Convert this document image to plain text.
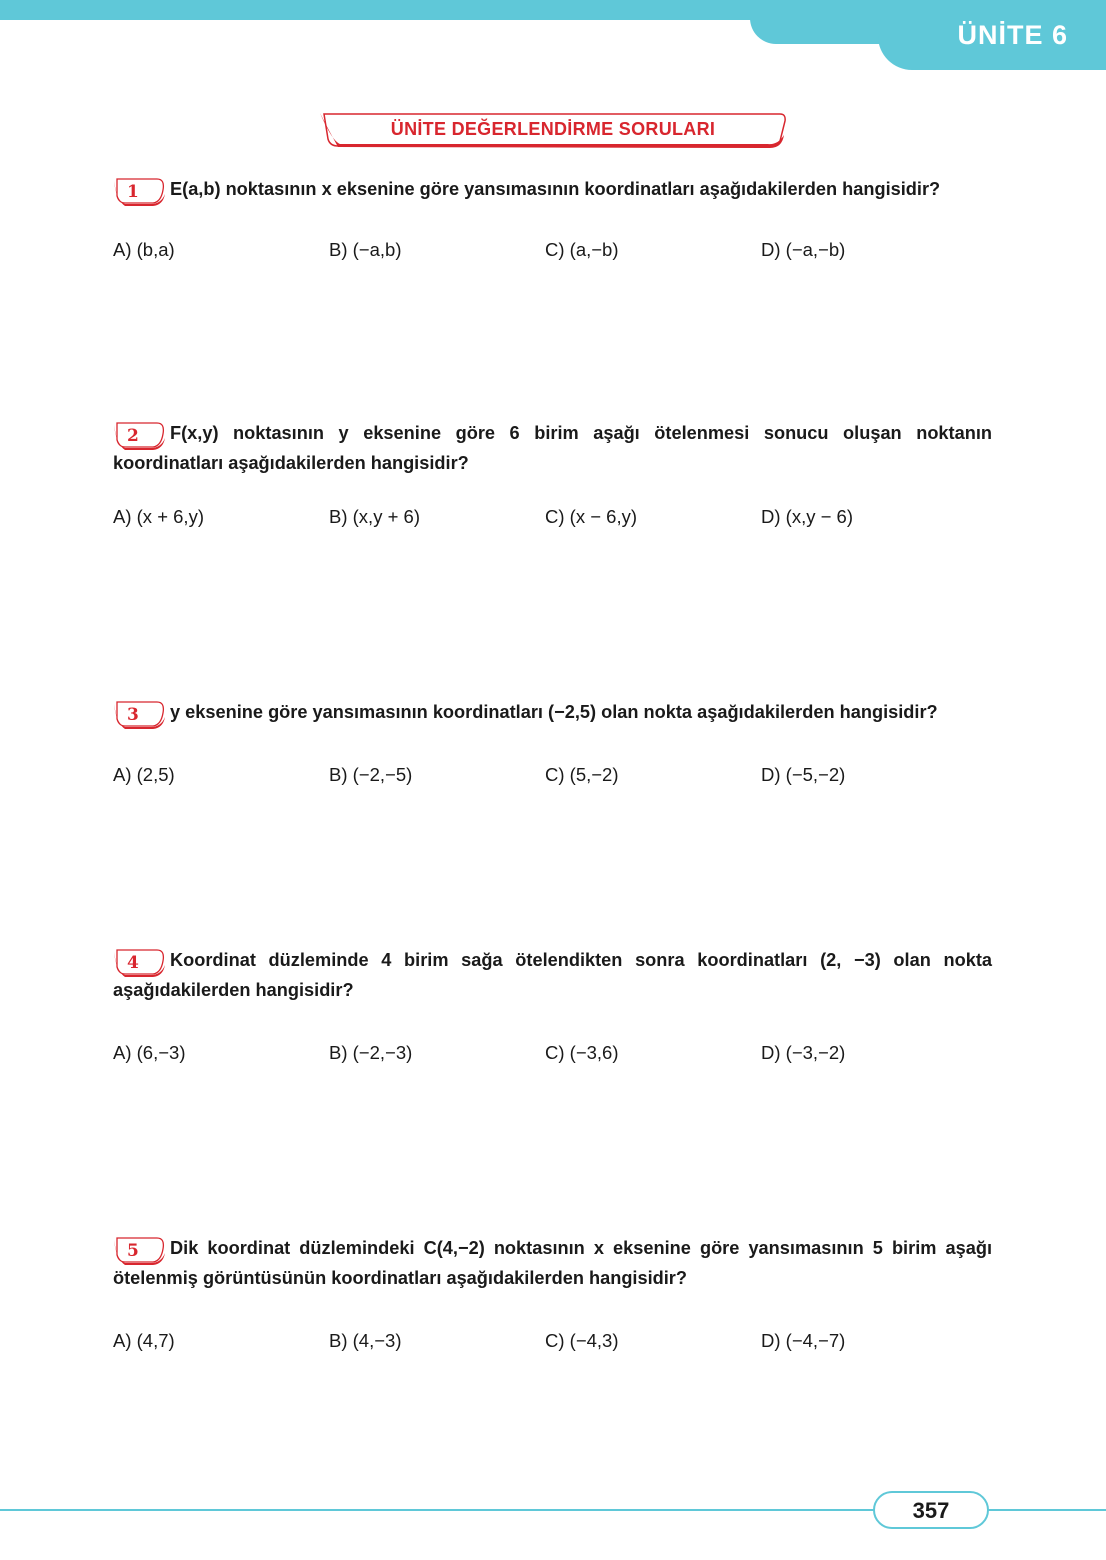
ÜNİTE 6
ÜNİTE DEĞERLENDİRME SORULARI
1	E(a,b) noktasının x eksenine göre yansımasının koordinatları aşağıdakilerden hangisidir?
A) (b,a)	B) (−a,b)	C) (a,−b)	D) (−a,−b)
2	F(x,y) noktasının y eksenine göre 6 birim aşağı ötelenmesi sonucu oluşan noktanın koordinatları aşağıdakilerden hangisidir?
A) (x + 6,y)	B) (x,y + 6)	C) (x − 6,y)	D) (x,y − 6)
3	y eksenine göre yansımasının koordinatları (−2,5) olan nokta aşağıdakilerden hangisidir?
A) (2,5)	B) (−2,−5)	C) (5,−2)	D) (−5,−2)
4	Koordinat düzleminde 4 birim sağa ötelendikten sonra koordinatları (2, −3) olan nokta aşağıdakilerden hangisidir?
A) (6,−3)	B) (−2,−3)	C) (−3,6)	D) (−3,−2)
5	Dik koordinat düzlemindeki C(4,−2) noktasının x eksenine göre yansımasının 5 birim aşağı ötelenmiş görüntüsünün koordinatları aşağıdakilerden hangisidir?
A) (4,7)	B) (4,−3)	C) (−4,3)	D) (−4,−7)
357
